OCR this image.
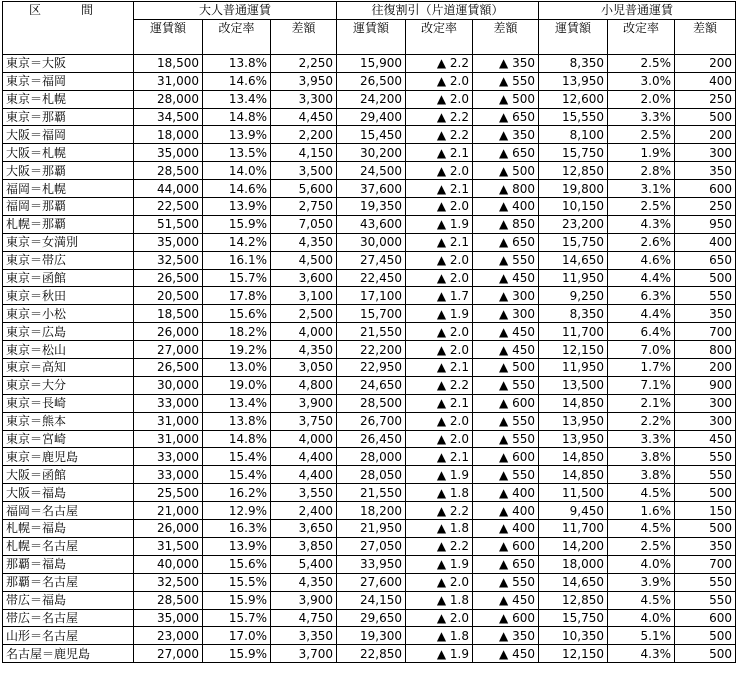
区　間	大人普通運賃			往復割引（片道運賃額）			小児普通運賃		
	運賃額	改定率	差額	運賃額	改定率	差額	運賃額	改定率	差額
東京＝大阪	18,500	13.8%	2,250	15,900	▲ 2.2	▲ 350	8,350	2.5%	200
東京＝福岡	31,000	14.6%	3,950	26,500	▲ 2.0	▲ 550	13,950	3.0%	400
東京＝札幌	28,000	13.4%	3,300	24,200	▲ 2.0	▲ 500	12,600	2.0%	250
東京＝那覇	34,500	14.8%	4,450	29,400	▲ 2.2	▲ 650	15,550	3.3%	500
大阪＝福岡	18,000	13.9%	2,200	15,450	▲ 2.2	▲ 350	8,100	2.5%	200
大阪＝札幌	35,000	13.5%	4,150	30,200	▲ 2.1	▲ 650	15,750	1.9%	300
大阪＝那覇	28,500	14.0%	3,500	24,500	▲ 2.0	▲ 500	12,850	2.8%	350
福岡＝札幌	44,000	14.6%	5,600	37,600	▲ 2.1	▲ 800	19,800	3.1%	600
福岡＝那覇	22,500	13.9%	2,750	19,350	▲ 2.0	▲ 400	10,150	2.5%	250
札幌＝那覇	51,500	15.9%	7,050	43,600	▲ 1.9	▲ 850	23,200	4.3%	950
東京＝女満別	35,000	14.2%	4,350	30,000	▲ 2.1	▲ 650	15,750	2.6%	400
東京＝帯広	32,500	16.1%	4,500	27,450	▲ 2.0	▲ 550	14,650	4.6%	650
東京＝函館	26,500	15.7%	3,600	22,450	▲ 2.0	▲ 450	11,950	4.4%	500
東京＝秋田	20,500	17.8%	3,100	17,100	▲ 1.7	▲ 300	9,250	6.3%	550
東京＝小松	18,500	15.6%	2,500	15,700	▲ 1.9	▲ 300	8,350	4.4%	350
東京＝広島	26,000	18.2%	4,000	21,550	▲ 2.0	▲ 450	11,700	6.4%	700
東京＝松山	27,000	19.2%	4,350	22,200	▲ 2.0	▲ 450	12,150	7.0%	800
東京＝高知	26,500	13.0%	3,050	22,950	▲ 2.1	▲ 500	11,950	1.7%	200
東京＝大分	30,000	19.0%	4,800	24,650	▲ 2.2	▲ 550	13,500	7.1%	900
東京＝長崎	33,000	13.4%	3,900	28,500	▲ 2.1	▲ 600	14,850	2.1%	300
東京＝熊本	31,000	13.8%	3,750	26,700	▲ 2.0	▲ 550	13,950	2.2%	300
東京＝宮崎	31,000	14.8%	4,000	26,450	▲ 2.0	▲ 550	13,950	3.3%	450
東京＝鹿児島	33,000	15.4%	4,400	28,000	▲ 2.1	▲ 600	14,850	3.8%	550
大阪＝函館	33,000	15.4%	4,400	28,050	▲ 1.9	▲ 550	14,850	3.8%	550
大阪＝福島	25,500	16.2%	3,550	21,550	▲ 1.8	▲ 400	11,500	4.5%	500
福岡＝名古屋	21,000	12.9%	2,400	18,200	▲ 2.2	▲ 400	9,450	1.6%	150
札幌＝福島	26,000	16.3%	3,650	21,950	▲ 1.8	▲ 400	11,700	4.5%	500
札幌＝名古屋	31,500	13.9%	3,850	27,050	▲ 2.2	▲ 600	14,200	2.5%	350
那覇＝福島	40,000	15.6%	5,400	33,950	▲ 1.9	▲ 650	18,000	4.0%	700
那覇＝名古屋	32,500	15.5%	4,350	27,600	▲ 2.0	▲ 550	14,650	3.9%	550
帯広＝福島	28,500	15.9%	3,900	24,150	▲ 1.8	▲ 450	12,850	4.5%	550
帯広＝名古屋	35,000	15.7%	4,750	29,650	▲ 2.0	▲ 600	15,750	4.0%	600
山形＝名古屋	23,000	17.0%	3,350	19,300	▲ 1.8	▲ 350	10,350	5.1%	500
名古屋＝鹿児島	27,000	15.9%	3,700	22,850	▲ 1.9	▲ 450	12,150	4.3%	500
